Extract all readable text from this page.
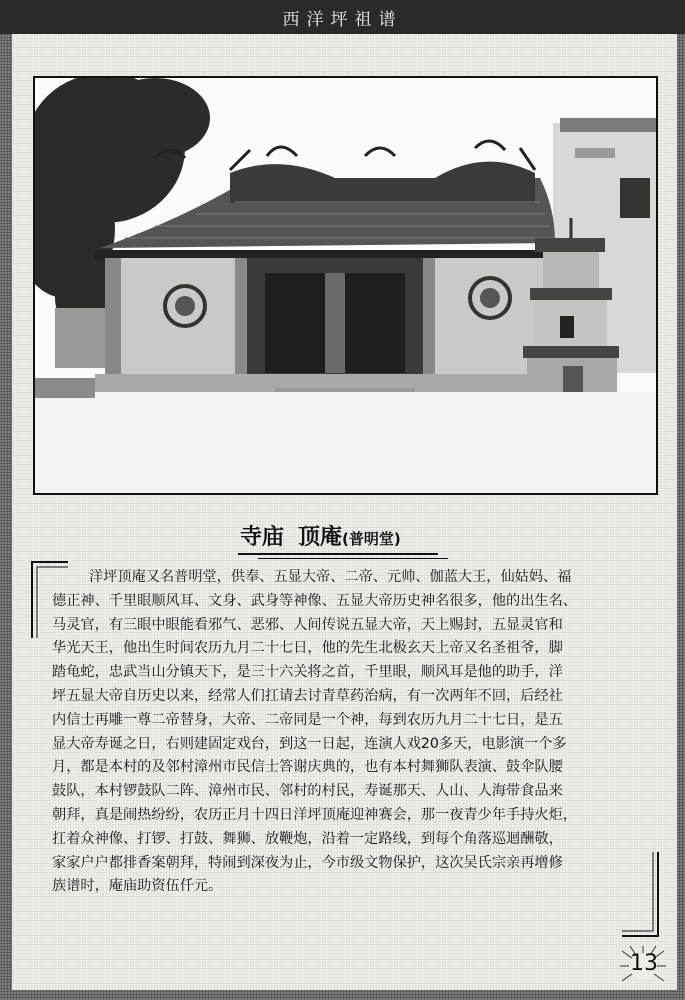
西洋坪祖谱
寺庙 顶庵(普明堂)
洋坪顶庵又名普明堂，供奉、五显大帝、二帝、元帅、伽蓝大王，仙姑妈、福
德正神、千里眼顺风耳、文身、武身等神像、五显大帝历史神名很多，他的出生名、
马灵官，有三眼中眼能看邪气、恶邪、人间传说五显大帝，天上赐封，五显灵官和
华光天王，他出生时间农历九月二十七日，他的先生北极玄天上帝又名圣祖爷，脚
踏龟蛇，忠武当山分镇天下，是三十六关将之首，千里眼，顺风耳是他的助手，洋
坪五显大帝自历史以来，经常人们扛请去讨青草药治病，有一次两年不回，后经社
内信士再雕一尊二帝替身，大帝、二帝同是一个神，每到农历九月二十七日，是五
显大帝寿诞之日，右则建固定戏台，到这一日起，连演人戏20多天，电影演一个多
月，都是本村的及邻村漳州市民信士答谢庆典的，也有本村舞狮队表演、鼓伞队腰
鼓队，本村锣鼓队二阵、漳州市民、邻村的村民，寿诞那天、人山、人海带食品来
朝拜，真是闹热纷纷，农历正月十四日洋坪顶庵迎神赛会，那一夜青少年手持火炬，
扛着众神像、打锣、打鼓、舞狮、放鞭炮，沿着一定路线，到每个角落巡迴酬敬，
家家户户都排香案朝拜，特闹到深夜为止，今市级文物保护，这次吴氏宗亲再增修
族谱时，庵庙助资伍仟元。
13
